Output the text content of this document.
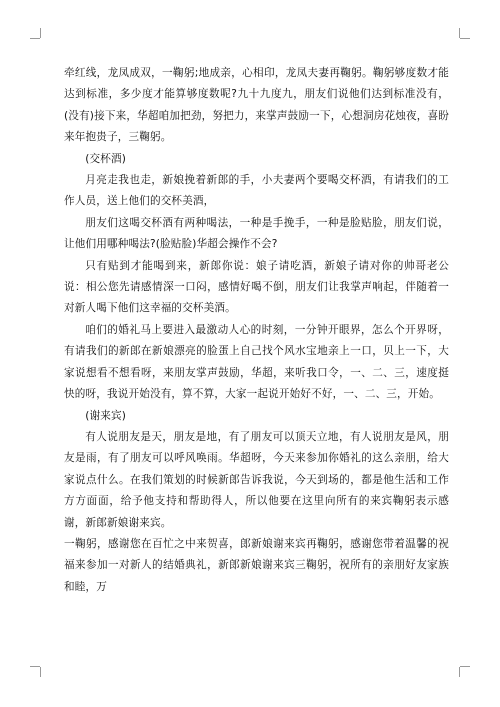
牵红线，龙凤成双，一鞠躬;地成亲，心相印，龙凤夫妻再鞠躬。鞠躬够度数才能达到标准，多少度才能算够度数呢?九十九度九，朋友们说他们达到标准没有，(没有)接下来，华超咱加把劲，努把力，来掌声鼓励一下，心想洞房花烛夜，喜盼来年抱贵子，三鞠躬。

(交杯酒)

月亮走我也走，新娘挽着新郎的手，小夫妻两个要喝交杯酒，有请我们的工作人员，送上他们的交杯美酒，

朋友们这喝交杯酒有两种喝法，一种是手挽手，一种是脸贴脸，朋友们说，让他们用哪种喝法?(脸贴脸)华超会操作不会?

只有贴到才能喝到来，新郎你说：娘子请吃酒，新娘子请对你的帅哥老公说：相公您先请感情深一口闷，感情好喝不倒，朋友们让我掌声响起，伴随着一对新人喝下他们这幸福的交杯美酒。

咱们的婚礼马上要进入最激动人心的时刻，一分钟开眼界，怎么个开界呀，有请我们的新郎在新娘漂亮的脸蛋上自己找个风水宝地亲上一口，贝上一下，大家说想看不想看呀，来朋友掌声鼓励，华超，来听我口令，一、二、三，速度挺快的呀，我说开始没有，算不算，大家一起说开始好不好，一、二、三，开始。

(谢来宾)

有人说朋友是天，朋友是地，有了朋友可以顶天立地，有人说朋友是风，朋友是雨，有了朋友可以呼风唤雨。华超呀，今天来参加你婚礼的这么亲朋，给大家说点什么。在我们策划的时候新郎告诉我说，今天到场的，都是他生活和工作方方面面，给予他支持和帮助得人，所以他要在这里向所有的来宾鞠躬表示感谢，新郎新娘谢来宾。

一鞠躬，感谢您在百忙之中来贺喜，郎新娘谢来宾再鞠躬，感谢您带着温馨的祝福来参加一对新人的结婚典礼，新郎新娘谢来宾三鞠躬，祝所有的亲朋好友家族和睦，万
